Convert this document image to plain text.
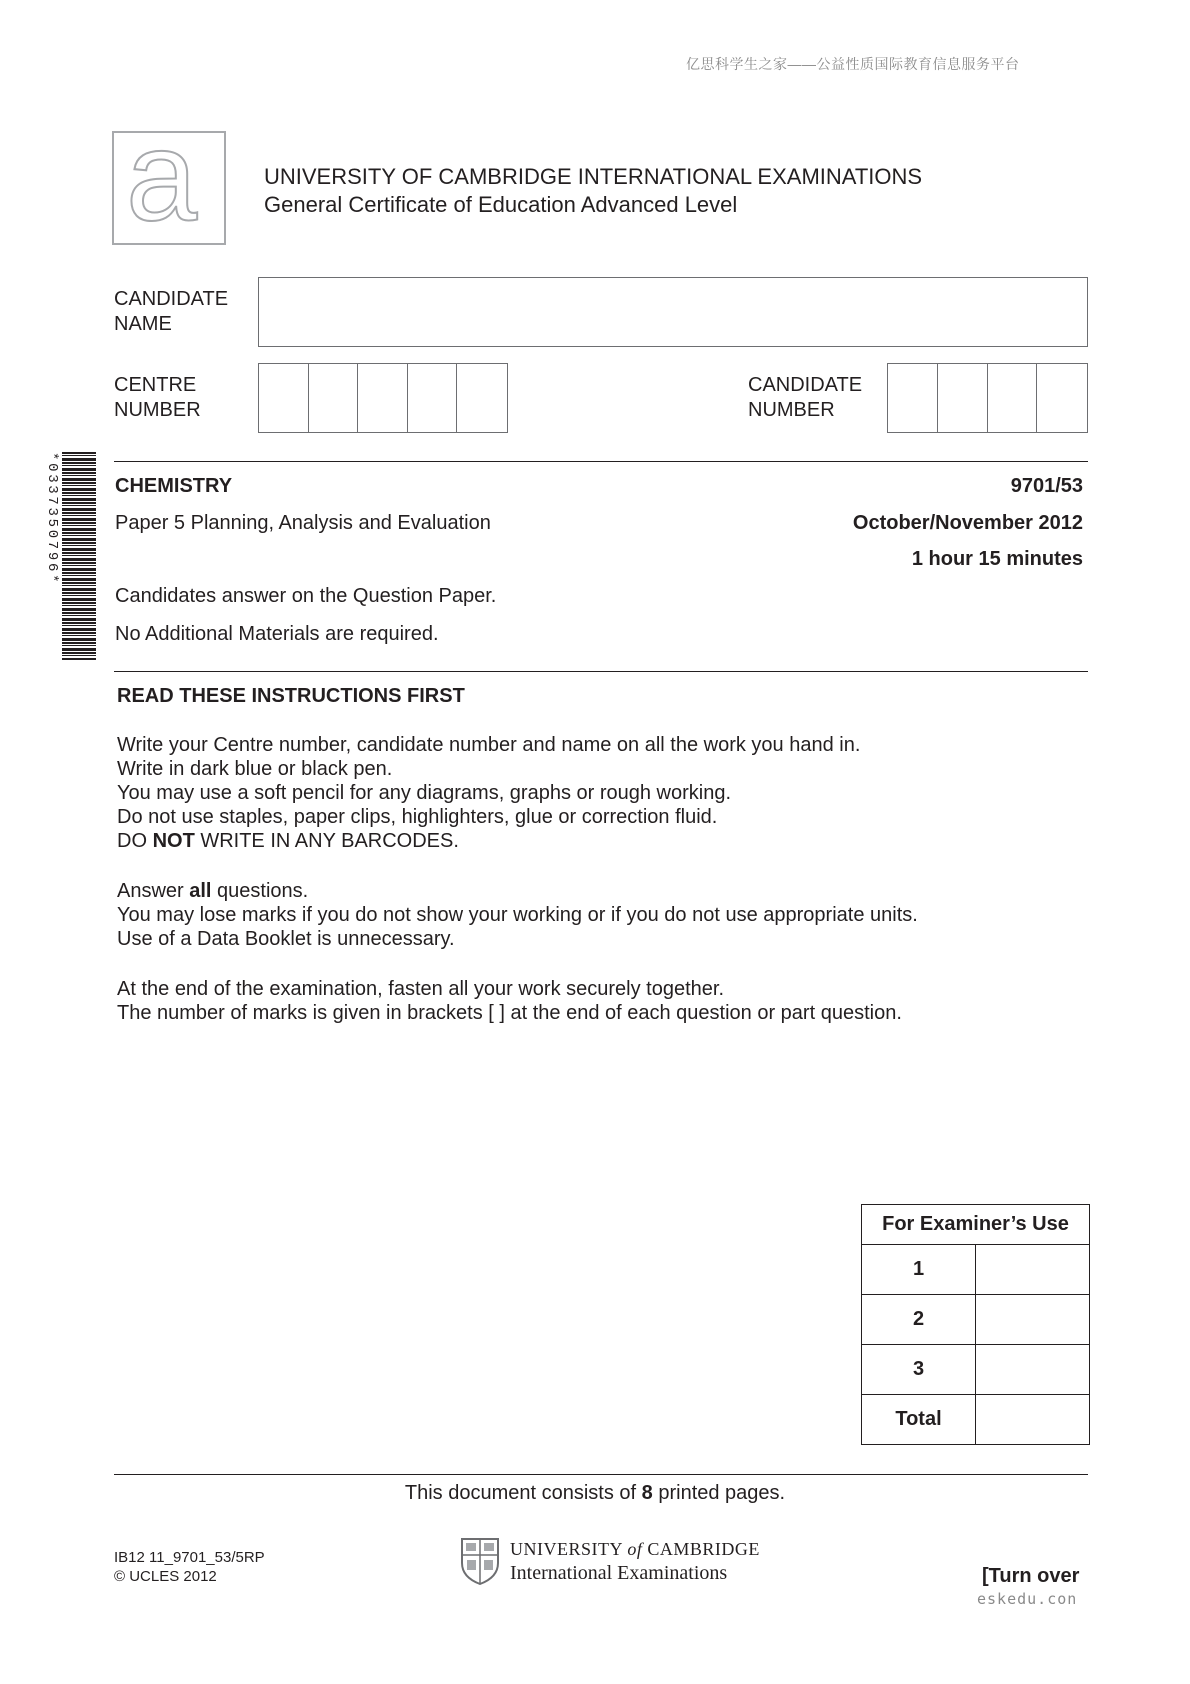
亿思科学生之家——公益性质国际教育信息服务平台
a	UNIVERSITY OF CAMBRIDGE INTERNATIONAL EXAMINATIONS
General Certificate of Education Advanced Level
CANDIDATE
NAME
CENTRE
NUMBER
CANDIDATE
NUMBER
*0337350796*	CHEMISTRY	9701/53
Paper 5 Planning, Analysis and Evaluation	October/November 2012
1 hour 15 minutes
Candidates answer on the Question Paper.
No Additional Materials are required.
READ THESE INSTRUCTIONS FIRST
Write your Centre number, candidate number and name on all the work you hand in.
Write in dark blue or black pen.
You may use a soft pencil for any diagrams, graphs or rough working.
Do not use staples, paper clips, highlighters, glue or correction fluid.
DO NOT WRITE IN ANY BARCODES.
Answer all questions.
You may lose marks if you do not show your working or if you do not use appropriate units.
Use of a Data Booklet is unnecessary.
At the end of the examination, fasten all your work securely together.
The number of marks is given in brackets [ ] at the end of each question or part question.
For Examiner’s Use	
1	
2	
3	
Total	
This document consists of 8 printed pages.
IB12 11_9701_53/5RP
© UCLES 2012
UNIVERSITY of CAMBRIDGE
International Examinations	[Turn over
eskedu.con
